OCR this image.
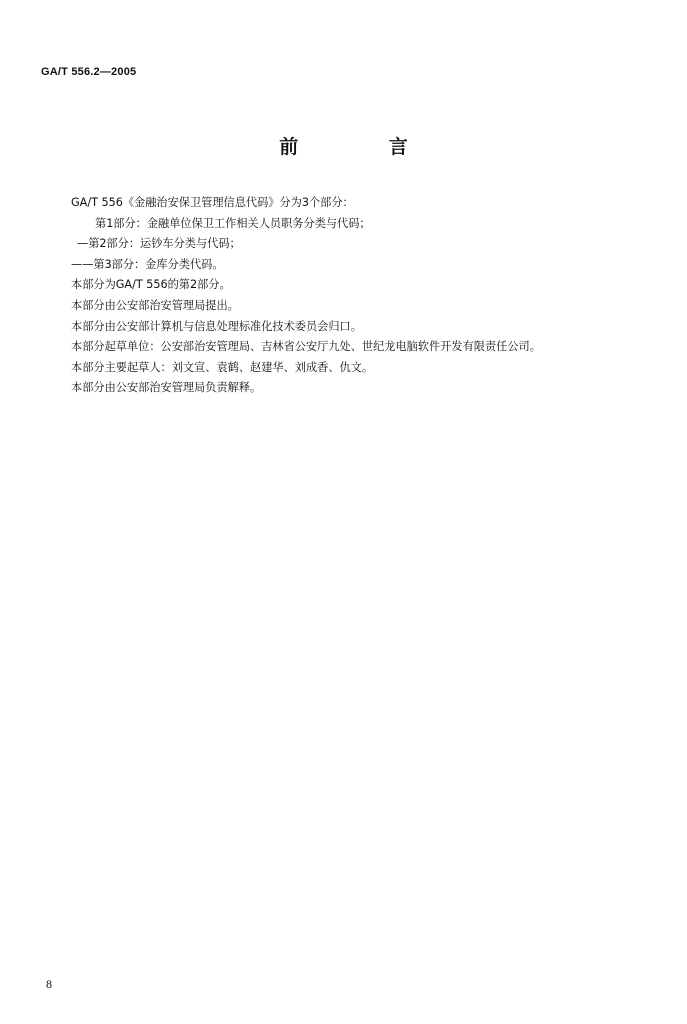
GA/T 556.2—2005
前 言
GA/T 556《金融治安保卫管理信息代码》分为3个部分：
第1部分：金融单位保卫工作相关人员职务分类与代码；
—第2部分：运钞车分类与代码；
——第3部分：金库分类代码。
本部分为GA/T 556的第2部分。
本部分由公安部治安管理局提出。
本部分由公安部计算机与信息处理标准化技术委员会归口。
本部分起草单位：公安部治安管理局、吉林省公安厅九处、世纪龙电脑软件开发有限责任公司。
本部分主要起草人：刘文宣、袁鹤、赵建华、刘成香、仇文。
本部分由公安部治安管理局负责解释。
8
